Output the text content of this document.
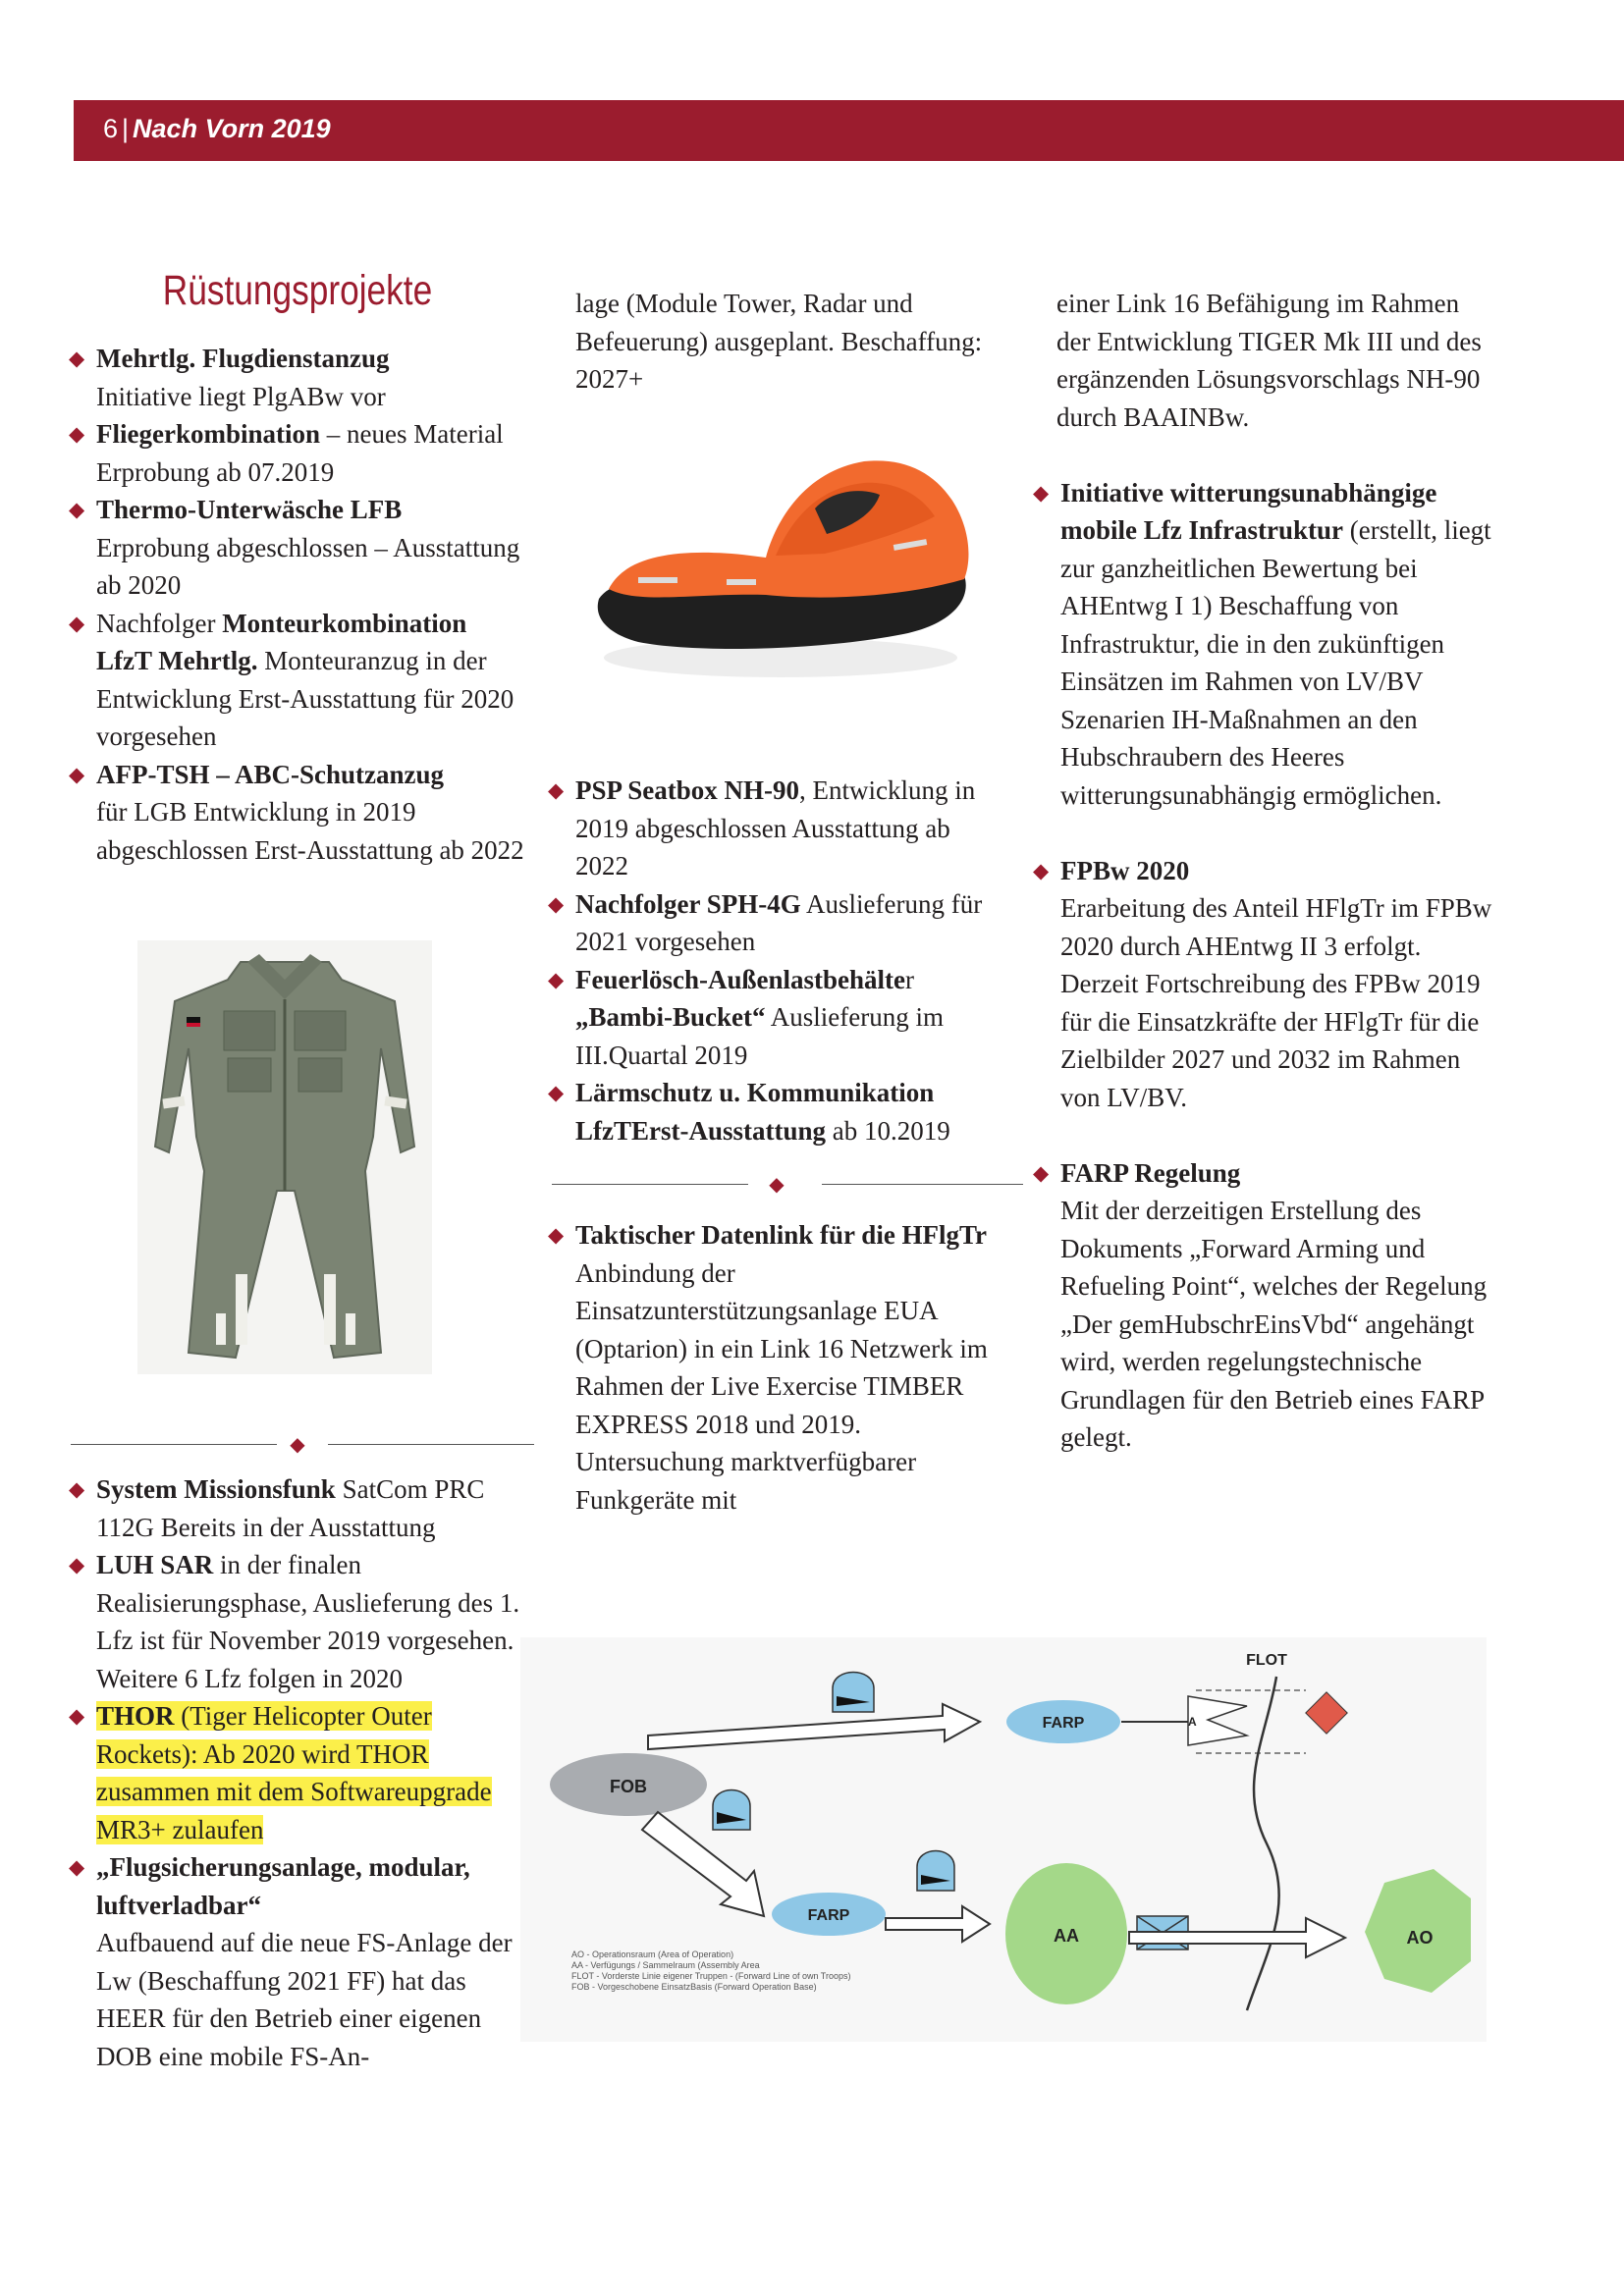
6 | Nach Vorn 2019
Rüstungsprojekte
◆ Mehrtlg. Flugdienstanzug

Initiative liegt PlgABw vor

◆ Fliegerkombination – neues Material Erprobung ab 07.2019

◆ Thermo-Unterwäsche LFB

Erprobung abgeschlossen – Ausstattung ab 2020

◆ Nachfolger Monteurkombination LfzT Mehrtlg. Monteuranzug in der Entwicklung Erst-Ausstattung für 2020 vorgesehen

◆ AFP-TSH – ABC-Schutzanzug

für LGB Entwicklung in 2019 abgeschlossen Erst-Ausstattung ab 2022

◆
◆ System Missionsfunk SatCom PRC 112G Bereits in der Ausstattung

◆ LUH SAR in der finalen Realisierungsphase, Auslieferung des 1. Lfz ist für November 2019 vorgesehen. Weitere 6 Lfz folgen in 2020

◆ THOR (Tiger Helicopter Outer Rockets): Ab 2020 wird THOR zusammen mit dem Softwareupgrade MR3+ zulaufen

◆ „Flugsicherungsanlage, modular, luftverladbar“

Aufbauend auf die neue FS-Anlage der Lw (Beschaffung 2021 FF) hat das HEER für den Betrieb einer eigenen DOB eine mobile FS-An-

lage (Module Tower, Radar und Befeuerung) ausgeplant. Beschaffung: 2027+

◆ PSP Seatbox NH-90, Entwicklung in 2019 abgeschlossen Ausstattung ab 2022

◆ Nachfolger SPH-4G Auslieferung für 2021 vorgesehen

◆ Feuerlösch-Außenlastbehälter „Bambi-Bucket“ Auslieferung im III.Quartal 2019

◆ Lärmschutz u. Kommunikation LfzTErst-Ausstattung ab 10.2019

◆
◆ Taktischer Datenlink für die HFlgTr

Anbindung der Einsatzunterstützungsanlage EUA (Optarion) in ein Link 16 Netzwerk im Rahmen der Live Exercise TIMBER EXPRESS 2018 und 2019. Untersuchung marktverfügbarer Funkgeräte mit

einer Link 16 Befähigung im Rahmen der Entwicklung TIGER Mk III und des ergänzenden Lösungsvorschlags NH-90 durch BAAINBw.

◆ Initiative witterungsunabhängige mobile Lfz Infrastruktur (erstellt, liegt zur ganzheitlichen Bewertung bei AHEntwg I 1) Beschaffung von Infrastruktur, die in den zukünftigen Einsätzen im Rahmen von LV/BV Szenarien IH-Maßnahmen an den Hubschraubern des Heeres witterungsunabhängig ermöglichen.

◆ FPBw 2020

Erarbeitung des Anteil HFlgTr im FPBw 2020 durch AHEntwg II 3 erfolgt. Derzeit Fortschreibung des FPBw 2019 für die Einsatzkräfte der HFlgTr für die Zielbilder 2027 und 2032 im Rahmen von LV/BV.

◆ FARP Regelung

Mit der derzeitigen Erstellung des Dokuments „Forward Arming und Refueling Point“, welches der Regelung „Der gemHubschrEinsVbd“ angehängt wird, werden regelungstechnische Grundlagen für den Betrieb eines FARP gelegt.

FOB
FARP	A
FLOT
FARP
AA	AO
AO - Operationsraum (Area of Operation)
AA - Verfügungs / Sammelraum (Assembly Area
FLOT - Vorderste Linie eigener Truppen - (Forward Line of own Troops)
FOB - Vorgeschobene EinsatzBasis (Forward Operation Base)
